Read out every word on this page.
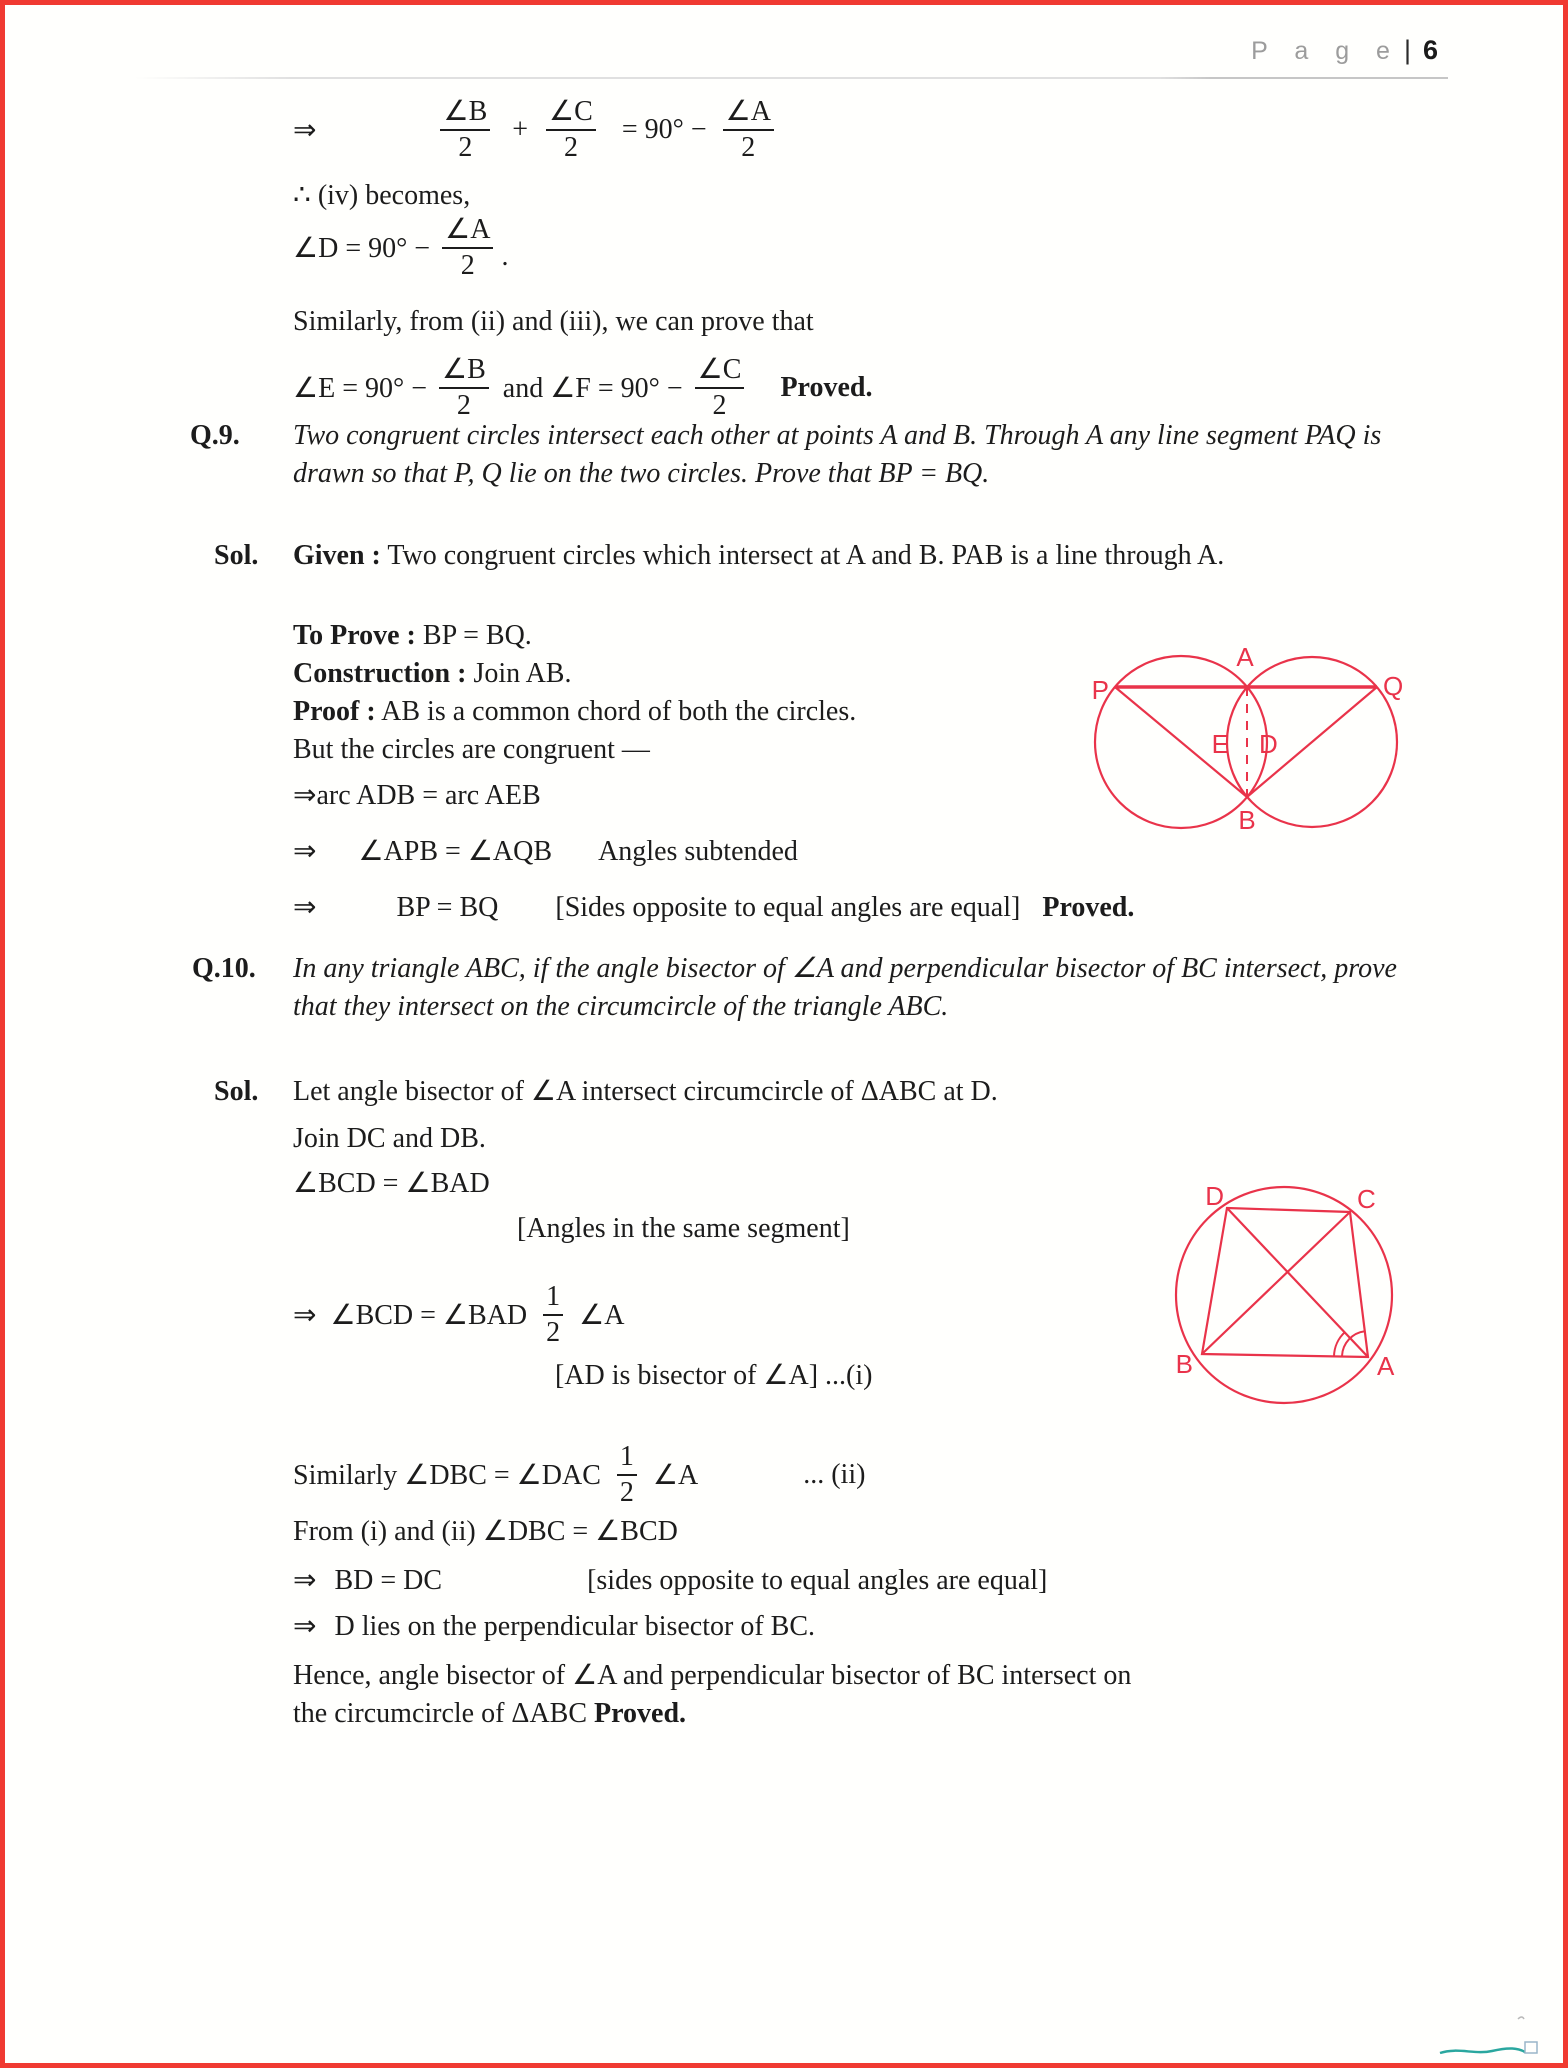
P a g e | 6
⇒	$\frac{\angle B}{2} + \frac{\angle C}{2} = 90^\circ - \frac{\angle A}{2}$
∴ (iv) becomes,
∠D = $90^\circ - \frac{\angle A}{2}$ .
Similarly, from (ii) and (iii), we can prove that
∠E = $90^\circ - \frac{\angle B}{2}$ and ∠F = $90^\circ - \frac{\angle C}{2}$ Proved.
Q.9. Two congruent circles intersect each other at points A and B. Through A any line segment PAQ is drawn so that P, Q lie on the two circles. Prove that BP = BQ.
Sol. Given : Two congruent circles which intersect at A and B. PAB is a line through A.
To Prove : BP = BQ.
Construction : Join AB.
Proof : AB is a common chord of both the circles.
But the circles are congruent —
⇒arc ADB = arc AEB
⇒ ∠APB = ∠AQB Angles subtended
⇒	BP = BQ [Sides opposite to equal angles are equal] Proved.
Q.10. In any triangle ABC, if the angle bisector of ∠A and perpendicular bisector of BC intersect, prove that they intersect on the circumcircle of the triangle ABC.
Sol. Let angle bisector of ∠A intersect circumcircle of ΔABC at D.
Join DC and DB.
∠BCD = ∠BAD
[Angles in the same segment]
⇒ ∠BCD = ∠BAD $\frac{1}{2}$ ∠A
[AD is bisector of ∠A] ...(i)
Similarly ∠DBC = ∠DAC $\frac{1}{2}$ ∠A	... (ii)
From (i) and (ii) ∠DBC = ∠BCD
⇒ BD = DC	[sides opposite to equal angles are equal]
⇒ D lies on the perpendicular bisector of BC.
Hence, angle bisector of ∠A and perpendicular bisector of BC intersect on
the circumcircle of ΔABC Proved.
P
A
Q
E D
B
D	C
B	A
